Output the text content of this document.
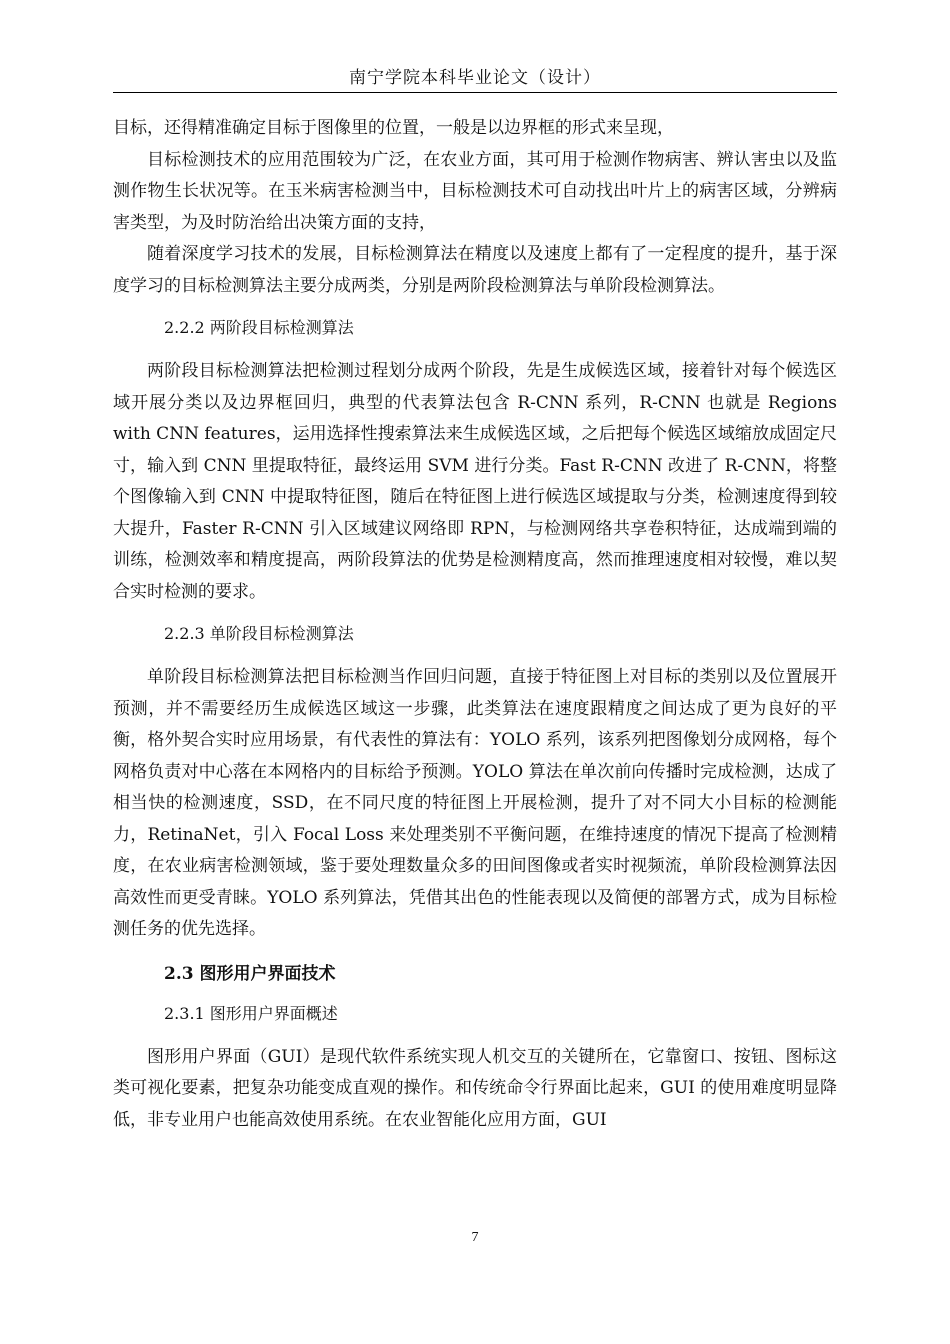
南宁学院本科毕业论文（设计）

目标，还得精准确定目标于图像里的位置，一般是以边界框的形式来呈现，

目标检测技术的应用范围较为广泛，在农业方面，其可用于检测作物病害、辨认害虫以及监测作物生长状况等。在玉米病害检测当中，目标检测技术可自动找出叶片上的病害区域，分辨病害类型，为及时防治给出决策方面的支持，

随着深度学习技术的发展，目标检测算法在精度以及速度上都有了一定程度的提升，基于深度学习的目标检测算法主要分成两类，分别是两阶段检测算法与单阶段检测算法。

2.2.2 两阶段目标检测算法

两阶段目标检测算法把检测过程划分成两个阶段，先是生成候选区域，接着针对每个候选区域开展分类以及边界框回归，典型的代表算法包含 R-CNN 系列，R-CNN 也就是 Regions with CNN features，运用选择性搜索算法来生成候选区域，之后把每个候选区域缩放成固定尺寸，输入到 CNN 里提取特征，最终运用 SVM 进行分类。Fast R-CNN 改进了 R-CNN，将整个图像输入到 CNN 中提取特征图，随后在特征图上进行候选区域提取与分类，检测速度得到较大提升，Faster R-CNN 引入区域建议网络即 RPN，与检测网络共享卷积特征，达成端到端的训练，检测效率和精度提高，两阶段算法的优势是检测精度高，然而推理速度相对较慢，难以契合实时检测的要求。

2.2.3 单阶段目标检测算法

单阶段目标检测算法把目标检测当作回归问题，直接于特征图上对目标的类别以及位置展开预测，并不需要经历生成候选区域这一步骤，此类算法在速度跟精度之间达成了更为良好的平衡，格外契合实时应用场景，有代表性的算法有：YOLO 系列，该系列把图像划分成网格，每个网格负责对中心落在本网格内的目标给予预测。YOLO 算法在单次前向传播时完成检测，达成了相当快的检测速度，SSD，在不同尺度的特征图上开展检测，提升了对不同大小目标的检测能力，RetinaNet，引入 Focal Loss 来处理类别不平衡问题，在维持速度的情况下提高了检测精度，在农业病害检测领域，鉴于要处理数量众多的田间图像或者实时视频流，单阶段检测算法因高效性而更受青睐。YOLO 系列算法，凭借其出色的性能表现以及简便的部署方式，成为目标检测任务的优先选择。

2.3 图形用户界面技术

2.3.1 图形用户界面概述

图形用户界面（GUI）是现代软件系统实现人机交互的关键所在，它靠窗口、按钮、图标这类可视化要素，把复杂功能变成直观的操作。和传统命令行界面比起来，GUI 的使用难度明显降低，非专业用户也能高效使用系统。在农业智能化应用方面，GUI

7
